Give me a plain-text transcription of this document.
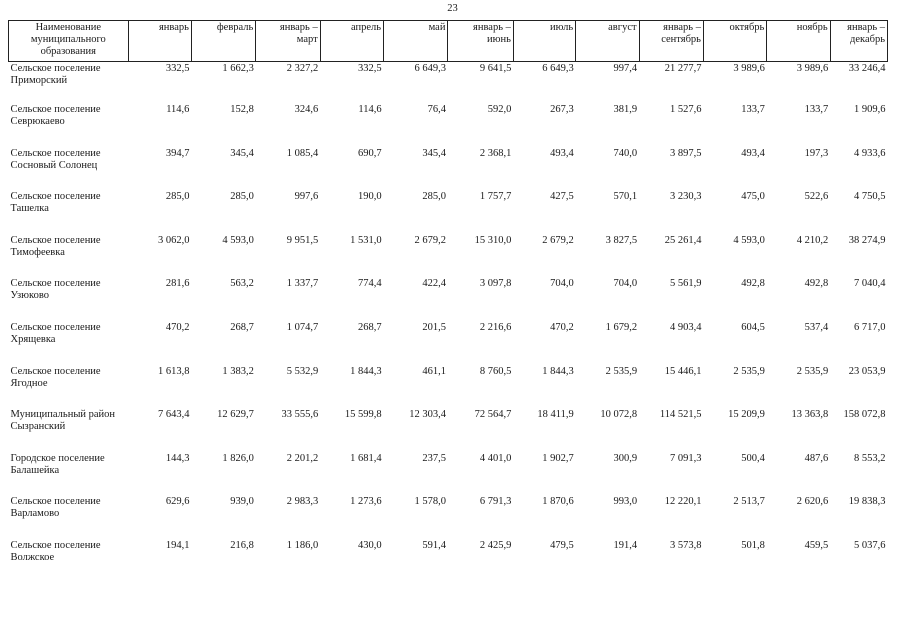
23
Наименование муниципального образования	январь	февраль	январь – март	апрель	май	январь – июнь	июль	август	январь – сентябрь	октябрь	ноябрь	январь – декабрь
Сельское поселение Приморский	332,5	1 662,3	2 327,2	332,5	6 649,3	9 641,5	6 649,3	997,4	21 277,7	3 989,6	3 989,6	33 246,4
Сельское поселение Севрюкаево	114,6	152,8	324,6	114,6	76,4	592,0	267,3	381,9	1 527,6	133,7	133,7	1 909,6
Сельское поселение Сосновый Солонец	394,7	345,4	1 085,4	690,7	345,4	2 368,1	493,4	740,0	3 897,5	493,4	197,3	4 933,6
Сельское поселение Ташелка	285,0	285,0	997,6	190,0	285,0	1 757,7	427,5	570,1	3 230,3	475,0	522,6	4 750,5
Сельское поселение Тимофеевка	3 062,0	4 593,0	9 951,5	1 531,0	2 679,2	15 310,0	2 679,2	3 827,5	25 261,4	4 593,0	4 210,2	38 274,9
Сельское поселение Узюково	281,6	563,2	1 337,7	774,4	422,4	3 097,8	704,0	704,0	5 561,9	492,8	492,8	7 040,4
Сельское поселение Хрящевка	470,2	268,7	1 074,7	268,7	201,5	2 216,6	470,2	1 679,2	4 903,4	604,5	537,4	6 717,0
Сельское поселение Ягодное	1 613,8	1 383,2	5 532,9	1 844,3	461,1	8 760,5	1 844,3	2 535,9	15 446,1	2 535,9	2 535,9	23 053,9
Муниципальный район Сызранский	7 643,4	12 629,7	33 555,6	15 599,8	12 303,4	72 564,7	18 411,9	10 072,8	114 521,5	15 209,9	13 363,8	158 072,8
Городское поселение Балашейка	144,3	1 826,0	2 201,2	1 681,4	237,5	4 401,0	1 902,7	300,9	7 091,3	500,4	487,6	8 553,2
Сельское поселение Варламово	629,6	939,0	2 983,3	1 273,6	1 578,0	6 791,3	1 870,6	993,0	12 220,1	2 513,7	2 620,6	19 838,3
Сельское поселение Волжское	194,1	216,8	1 186,0	430,0	591,4	2 425,9	479,5	191,4	3 573,8	501,8	459,5	5 037,6
